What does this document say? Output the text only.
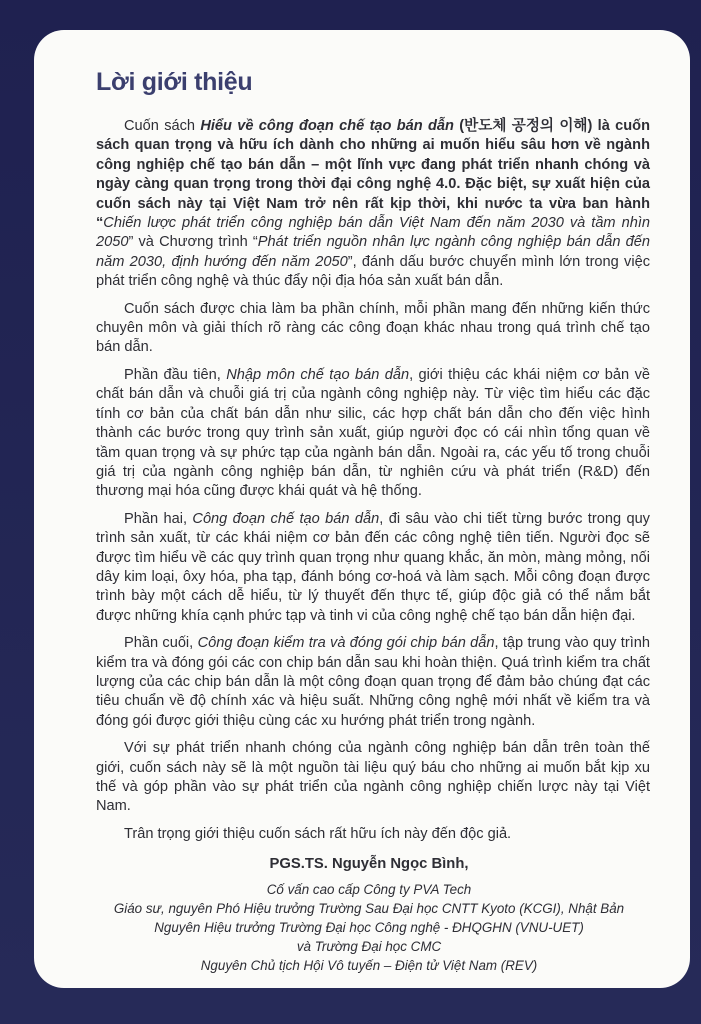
Lời giới thiệu

Cuốn sách Hiểu về công đoạn chế tạo bán dẫn (반도체 공정의 이해) là cuốn sách quan trọng và hữu ích dành cho những ai muốn hiểu sâu hơn về ngành công nghiệp chế tạo bán dẫn – một lĩnh vực đang phát triển nhanh chóng và ngày càng quan trọng trong thời đại công nghệ 4.0. Đặc biệt, sự xuất hiện của cuốn sách này tại Việt Nam trở nên rất kịp thời, khi nước ta vừa ban hành “Chiến lược phát triển công nghiệp bán dẫn Việt Nam đến năm 2030 và tầm nhìn 2050” và Chương trình “Phát triển nguồn nhân lực ngành công nghiệp bán dẫn đến năm 2030, định hướng đến năm 2050”, đánh dấu bước chuyển mình lớn trong việc phát triển công nghệ và thúc đẩy nội địa hóa sản xuất bán dẫn.

Cuốn sách được chia làm ba phần chính, mỗi phần mang đến những kiến thức chuyên môn và giải thích rõ ràng các công đoạn khác nhau trong quá trình chế tạo bán dẫn.

Phần đầu tiên, Nhập môn chế tạo bán dẫn, giới thiệu các khái niệm cơ bản về chất bán dẫn và chuỗi giá trị của ngành công nghiệp này. Từ việc tìm hiểu các đặc tính cơ bản của chất bán dẫn như silic, các hợp chất bán dẫn cho đến việc hình thành các bước trong quy trình sản xuất, giúp người đọc có cái nhìn tổng quan về tầm quan trọng và sự phức tạp của ngành bán dẫn. Ngoài ra, các yếu tố trong chuỗi giá trị của ngành công nghiệp bán dẫn, từ nghiên cứu và phát triển (R&D) đến thương mại hóa cũng được khái quát và hệ thống.

Phần hai, Công đoạn chế tạo bán dẫn, đi sâu vào chi tiết từng bước trong quy trình sản xuất, từ các khái niệm cơ bản đến các công nghệ tiên tiến. Người đọc sẽ được tìm hiểu về các quy trình quan trọng như quang khắc, ăn mòn, màng mỏng, nối dây kim loại, ôxy hóa, pha tạp, đánh bóng cơ-hoá và làm sạch. Mỗi công đoạn được trình bày một cách dễ hiểu, từ lý thuyết đến thực tế, giúp độc giả có thể nắm bắt được những khía cạnh phức tạp và tinh vi của công nghệ chế tạo bán dẫn hiện đại.

Phần cuối, Công đoạn kiểm tra và đóng gói chip bán dẫn, tập trung vào quy trình kiểm tra và đóng gói các con chip bán dẫn sau khi hoàn thiện. Quá trình kiểm tra chất lượng của các chip bán dẫn là một công đoạn quan trọng để đảm bảo chúng đạt các tiêu chuẩn về độ chính xác và hiệu suất. Những công nghệ mới nhất về kiểm tra và đóng gói được giới thiệu cùng các xu hướng phát triển trong ngành.

Với sự phát triển nhanh chóng của ngành công nghiệp bán dẫn trên toàn thế giới, cuốn sách này sẽ là một nguồn tài liệu quý báu cho những ai muốn bắt kịp xu thế và góp phần vào sự phát triển của ngành công nghiệp chiến lược này tại Việt Nam.

Trân trọng giới thiệu cuốn sách rất hữu ích này đến độc giả.

PGS.TS. Nguyễn Ngọc Bình,

Cố vấn cao cấp Công ty PVA Tech

Giáo sư, nguyên Phó Hiệu trưởng Trường Sau Đại học CNTT Kyoto (KCGI), Nhật Bản

Nguyên Hiệu trưởng Trường Đại học Công nghệ - ĐHQGHN (VNU-UET)

và Trường Đại học CMC

Nguyên Chủ tịch Hội Vô tuyến – Điện tử Việt Nam (REV)
